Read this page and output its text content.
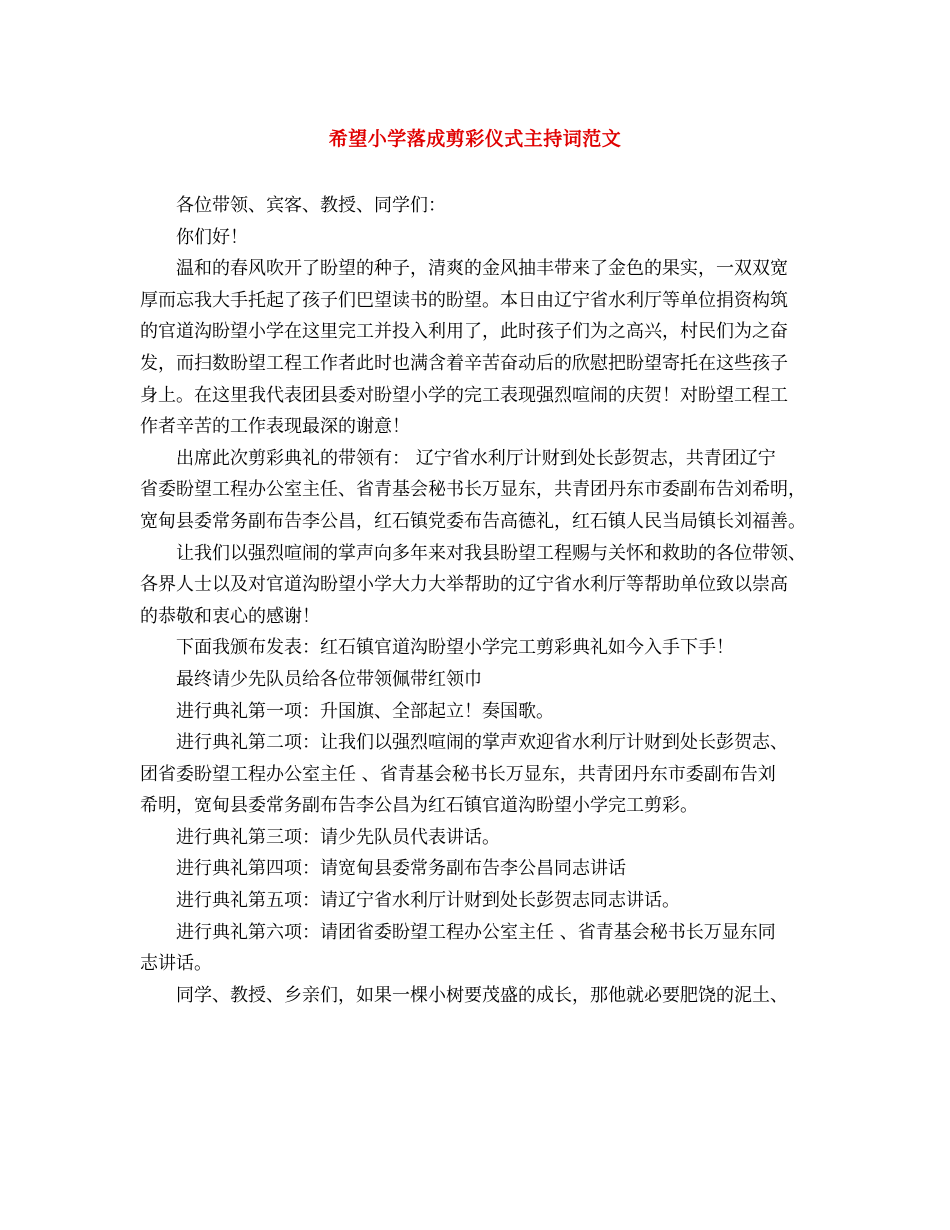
希望小学落成剪彩仪式主持词范文
各位带领、宾客、教授、同学们：
你们好！
温和的春风吹开了盼望的种子，清爽的金风抽丰带来了金色的果实，一双双宽
厚而忘我大手托起了孩子们巴望读书的盼望。本日由辽宁省水利厅等单位捐资构筑
的官道沟盼望小学在这里完工并投入利用了，此时孩子们为之高兴，村民们为之奋
发，而扫数盼望工程工作者此时也满含着辛苦奋动后的欣慰把盼望寄托在这些孩子
身上。在这里我代表团县委对盼望小学的完工表现强烈喧闹的庆贺！对盼望工程工
作者辛苦的工作表现最深的谢意！
出席此次剪彩典礼的带领有： 辽宁省水利厅计财到处长彭贺志，共青团辽宁
省委盼望工程办公室主任、省青基会秘书长万显东，共青团丹东市委副布告刘希明，
宽甸县委常务副布告李公昌，红石镇党委布告高德礼，红石镇人民当局镇长刘福善。
让我们以强烈喧闹的掌声向多年来对我县盼望工程赐与关怀和救助的各位带领、
各界人士以及对官道沟盼望小学大力大举帮助的辽宁省水利厅等帮助单位致以崇高
的恭敬和衷心的感谢！
下面我颁布发表：红石镇官道沟盼望小学完工剪彩典礼如今入手下手！
最终请少先队员给各位带领佩带红领巾
进行典礼第一项：升国旗、全部起立！奏国歌。
进行典礼第二项：让我们以强烈喧闹的掌声欢迎省水利厅计财到处长彭贺志、
团省委盼望工程办公室主任 、省青基会秘书长万显东，共青团丹东市委副布告刘
希明，宽甸县委常务副布告李公昌为红石镇官道沟盼望小学完工剪彩。
进行典礼第三项：请少先队员代表讲话。
进行典礼第四项：请宽甸县委常务副布告李公昌同志讲话
进行典礼第五项：请辽宁省水利厅计财到处长彭贺志同志讲话。
进行典礼第六项：请团省委盼望工程办公室主任 、省青基会秘书长万显东同
志讲话。
同学、教授、乡亲们，如果一棵小树要茂盛的成长，那他就必要肥饶的泥土、
